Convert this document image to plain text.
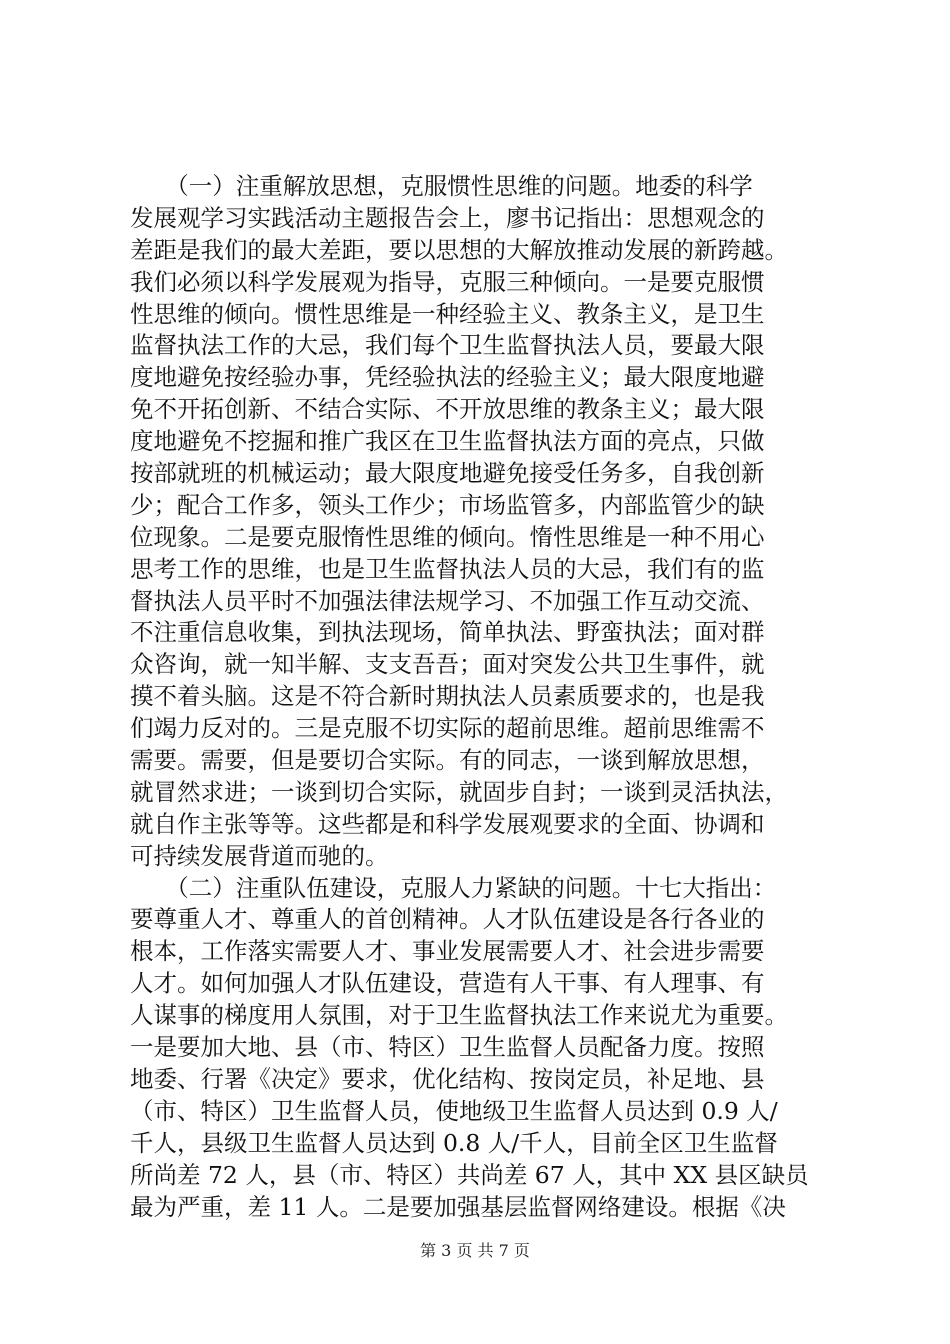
　　（一）注重解放思想，克服惯性思维的问题。地委的科学
发展观学习实践活动主题报告会上，廖书记指出：思想观念的
差距是我们的最大差距，要以思想的大解放推动发展的新跨越。
我们必须以科学发展观为指导，克服三种倾向。一是要克服惯
性思维的倾向。惯性思维是一种经验主义、教条主义，是卫生
监督执法工作的大忌，我们每个卫生监督执法人员，要最大限
度地避免按经验办事，凭经验执法的经验主义；最大限度地避
免不开拓创新、不结合实际、不开放思维的教条主义；最大限
度地避免不挖掘和推广我区在卫生监督执法方面的亮点，只做
按部就班的机械运动；最大限度地避免接受任务多，自我创新
少；配合工作多，领头工作少；市场监管多，内部监管少的缺
位现象。二是要克服惰性思维的倾向。惰性思维是一种不用心
思考工作的思维，也是卫生监督执法人员的大忌，我们有的监
督执法人员平时不加强法律法规学习、不加强工作互动交流、
不注重信息收集，到执法现场，简单执法、野蛮执法；面对群
众咨询，就一知半解、支支吾吾；面对突发公共卫生事件，就
摸不着头脑。这是不符合新时期执法人员素质要求的，也是我
们竭力反对的。三是克服不切实际的超前思维。超前思维需不
需要。需要，但是要切合实际。有的同志，一谈到解放思想，
就冒然求进；一谈到切合实际，就固步自封；一谈到灵活执法，
就自作主张等等。这些都是和科学发展观要求的全面、协调和
可持续发展背道而驰的。
　　（二）注重队伍建设，克服人力紧缺的问题。十七大指出：
要尊重人才、尊重人的首创精神。人才队伍建设是各行各业的
根本，工作落实需要人才、事业发展需要人才、社会进步需要
人才。如何加强人才队伍建设，营造有人干事、有人理事、有
人谋事的梯度用人氛围，对于卫生监督执法工作来说尤为重要。
一是要加大地、县（市、特区）卫生监督人员配备力度。按照
地委、行署《决定》要求，优化结构、按岗定员，补足地、县
（市、特区）卫生监督人员，使地级卫生监督人员达到 0.9 人/
千人，县级卫生监督人员达到 0.8 人/千人，目前全区卫生监督
所尚差 72 人，县（市、特区）共尚差 67 人，其中 XX 县区缺员
最为严重，差 11 人。二是要加强基层监督网络建设。根据《决
第 3 页 共 7 页
